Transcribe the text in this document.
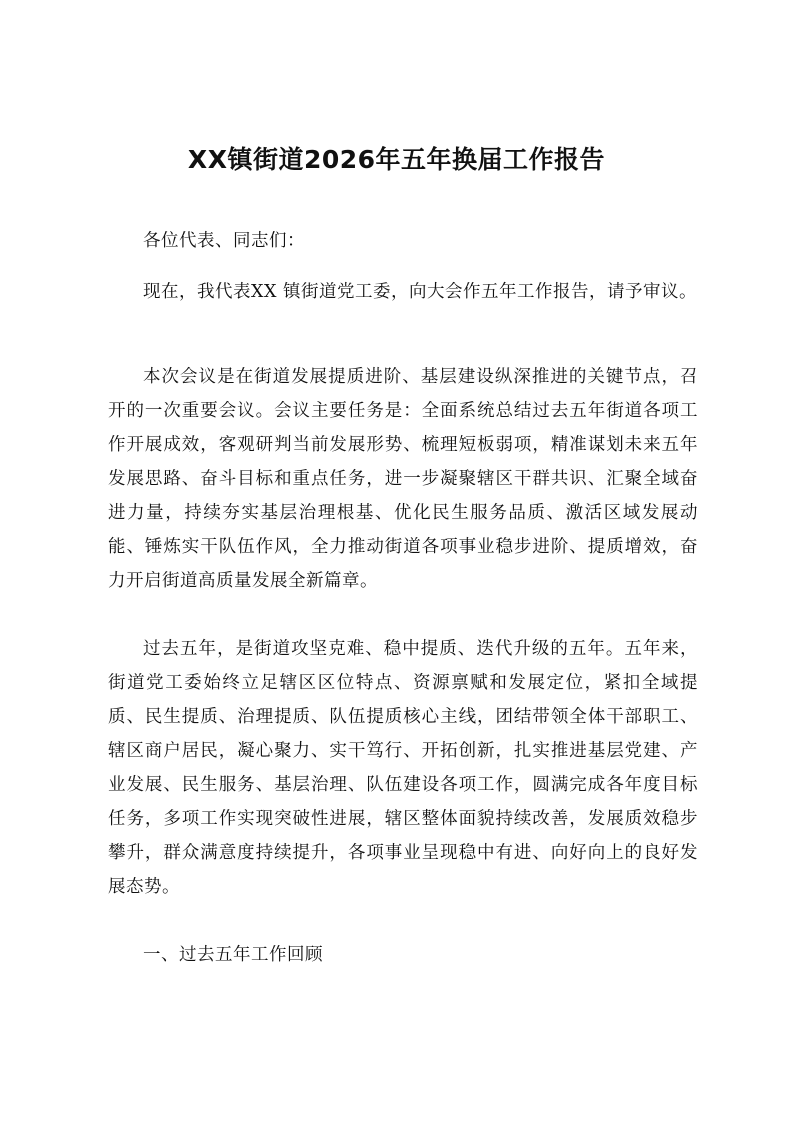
XX镇街道2026年五年换届工作报告

各位代表、同志们：

现在，我代表XX 镇街道党工委，向大会作五年工作报告，请予审议。

本次会议是在街道发展提质进阶、基层建设纵深推进的关键节点，召开的一次重要会议。会议主要任务是：全面系统总结过去五年街道各项工作开展成效，客观研判当前发展形势、梳理短板弱项，精准谋划未来五年发展思路、奋斗目标和重点任务，进一步凝聚辖区干群共识、汇聚全域奋进力量，持续夯实基层治理根基、优化民生服务品质、激活区域发展动能、锤炼实干队伍作风，全力推动街道各项事业稳步进阶、提质增效，奋力开启街道高质量发展全新篇章。

过去五年，是街道攻坚克难、稳中提质、迭代升级的五年。五年来，街道党工委始终立足辖区区位特点、资源禀赋和发展定位，紧扣全域提质、民生提质、治理提质、队伍提质核心主线，团结带领全体干部职工、辖区商户居民，凝心聚力、实干笃行、开拓创新，扎实推进基层党建、产业发展、民生服务、基层治理、队伍建设各项工作，圆满完成各年度目标任务，多项工作实现突破性进展，辖区整体面貌持续改善，发展质效稳步攀升，群众满意度持续提升，各项事业呈现稳中有进、向好向上的良好发展态势。

一、过去五年工作回顾
